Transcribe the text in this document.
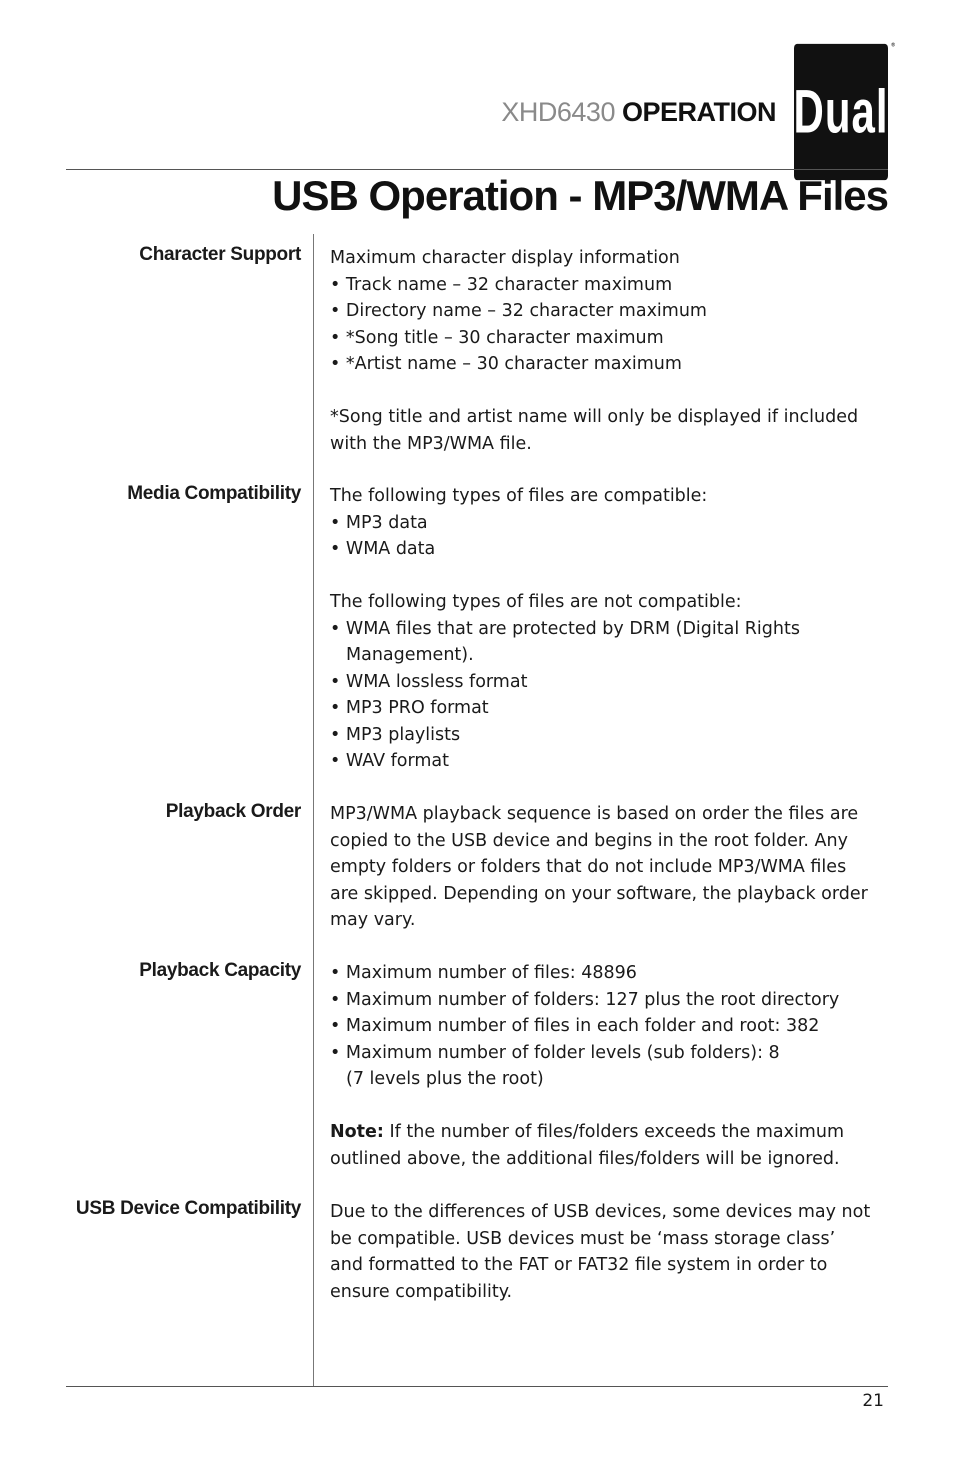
XHD6430 OPERATION Dual
®
USB Operation - MP3/WMA Files
Character Support Maximum character display information

• Track name – 32 character maximum

• Directory name – 32 character maximum

• *Song title – 30 character maximum

• *Artist name – 30 character maximum

*Song title and artist name will only be displayed if included

with the MP3/WMA file.

Media Compatibility The following types of files are compatible:

• MP3 data

• WMA data

The following types of files are not compatible:

• WMA files that are protected by DRM (Digital Rights

Management).

• WMA lossless format

• MP3 PRO format

• MP3 playlists

• WAV format

Playback Order MP3/WMA playback sequence is based on order the files are

copied to the USB device and begins in the root folder. Any

empty folders or folders that do not include MP3/WMA files

are skipped. Depending on your software, the playback order

may vary.

Playback Capacity • Maximum number of files: 48896

• Maximum number of folders: 127 plus the root directory

• Maximum number of files in each folder and root: 382

• Maximum number of folder levels (sub folders): 8

(7 levels plus the root)

Note: If the number of files/folders exceeds the maximum

outlined above, the additional files/folders will be ignored.

USB Device Compatibility Due to the differences of USB devices, some devices may not

be compatible. USB devices must be ‘mass storage class’

and formatted to the FAT or FAT32 file system in order to

ensure compatibility.

21
